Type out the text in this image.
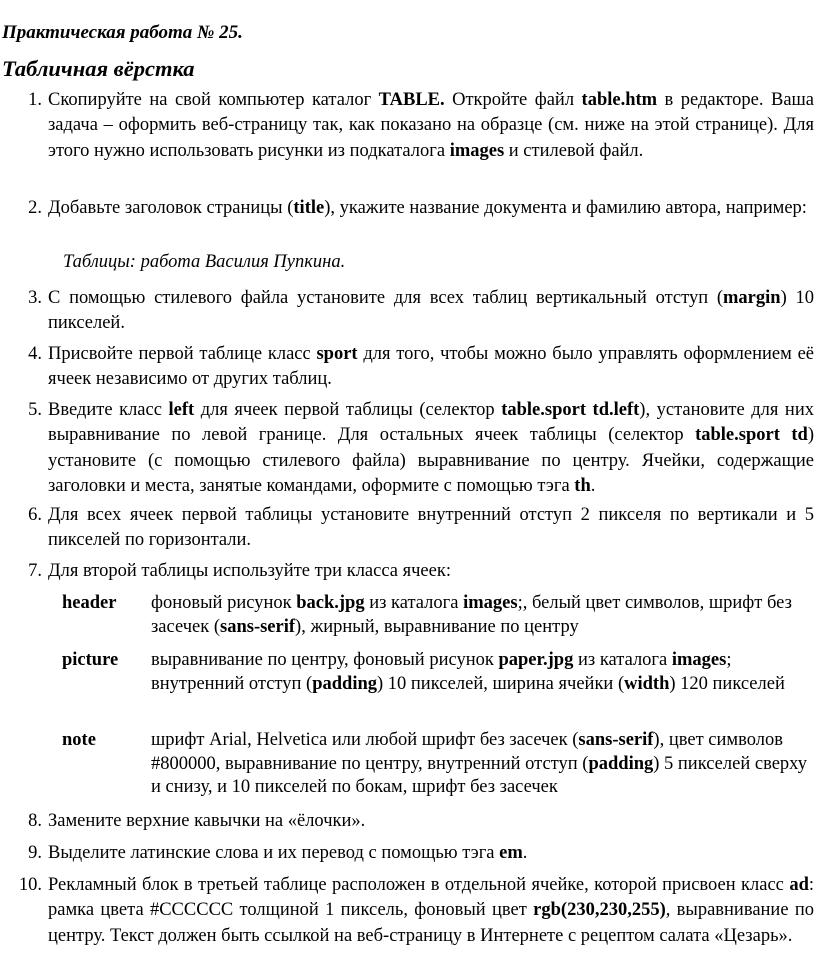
Практическая работа № 25.
Табличная вёрстка
1. Скопируйте на свой компьютер каталог TABLE. Откройте файл table.htm в редакторе. Ваша задача – оформить веб-страницу так, как показано на образце (см. ниже на этой странице). Для этого нужно использовать рисунки из подкаталога images и стилевой файл.
2. Добавьте заголовок страницы (title), укажите название документа и фамилию автора, например:
Таблицы: работа Василия Пупкина.
3. С помощью стилевого файла установите для всех таблиц вертикальный отступ (margin) 10 пикселей.
4. Присвойте первой таблице класс sport для того, чтобы можно было управлять оформлением её ячеек независимо от других таблиц.
5. Введите класс left для ячеек первой таблицы (селектор table.sport td.left), установите для них выравнивание по левой границе. Для остальных ячеек таблицы (селектор table.sport td) установите (с помощью стилевого файла) выравнивание по центру. Ячейки, содержащие заголовки и места, занятые командами, оформите с помощью тэга th.
6. Для всех ячеек первой таблицы установите внутренний отступ 2 пикселя по вертикали и 5 пикселей по горизонтали.
7. Для второй таблицы используйте три класса ячеек:
header фоновый рисунок back.jpg из каталога images;, белый цвет символов, шрифт без засечек (sans-serif), жирный, выравнивание по центру
picture выравнивание по центру, фоновый рисунок paper.jpg из каталога images; внутренний отступ (padding) 10 пикселей, ширина ячейки (width) 120 пикселей
note	шрифт Arial, Helvetica или любой шрифт без засечек (sans-serif), цвет символов #800000, выравнивание по центру, внутренний отступ (padding) 5 пикселей сверху и снизу, и 10 пикселей по бокам, шрифт без засечек
8. Замените верхние кавычки на «ёлочки».
9. Выделите латинские слова и их перевод с помощью тэга em.
10. Рекламный блок в третьей таблице расположен в отдельной ячейке, которой присвоен класс ad: рамка цвета #CCCCCC толщиной 1 пиксель, фоновый цвет rgb(230,230,255), выравнивание по центру. Текст должен быть ссылкой на веб-страницу в Интернете с рецептом салата «Цезарь».
